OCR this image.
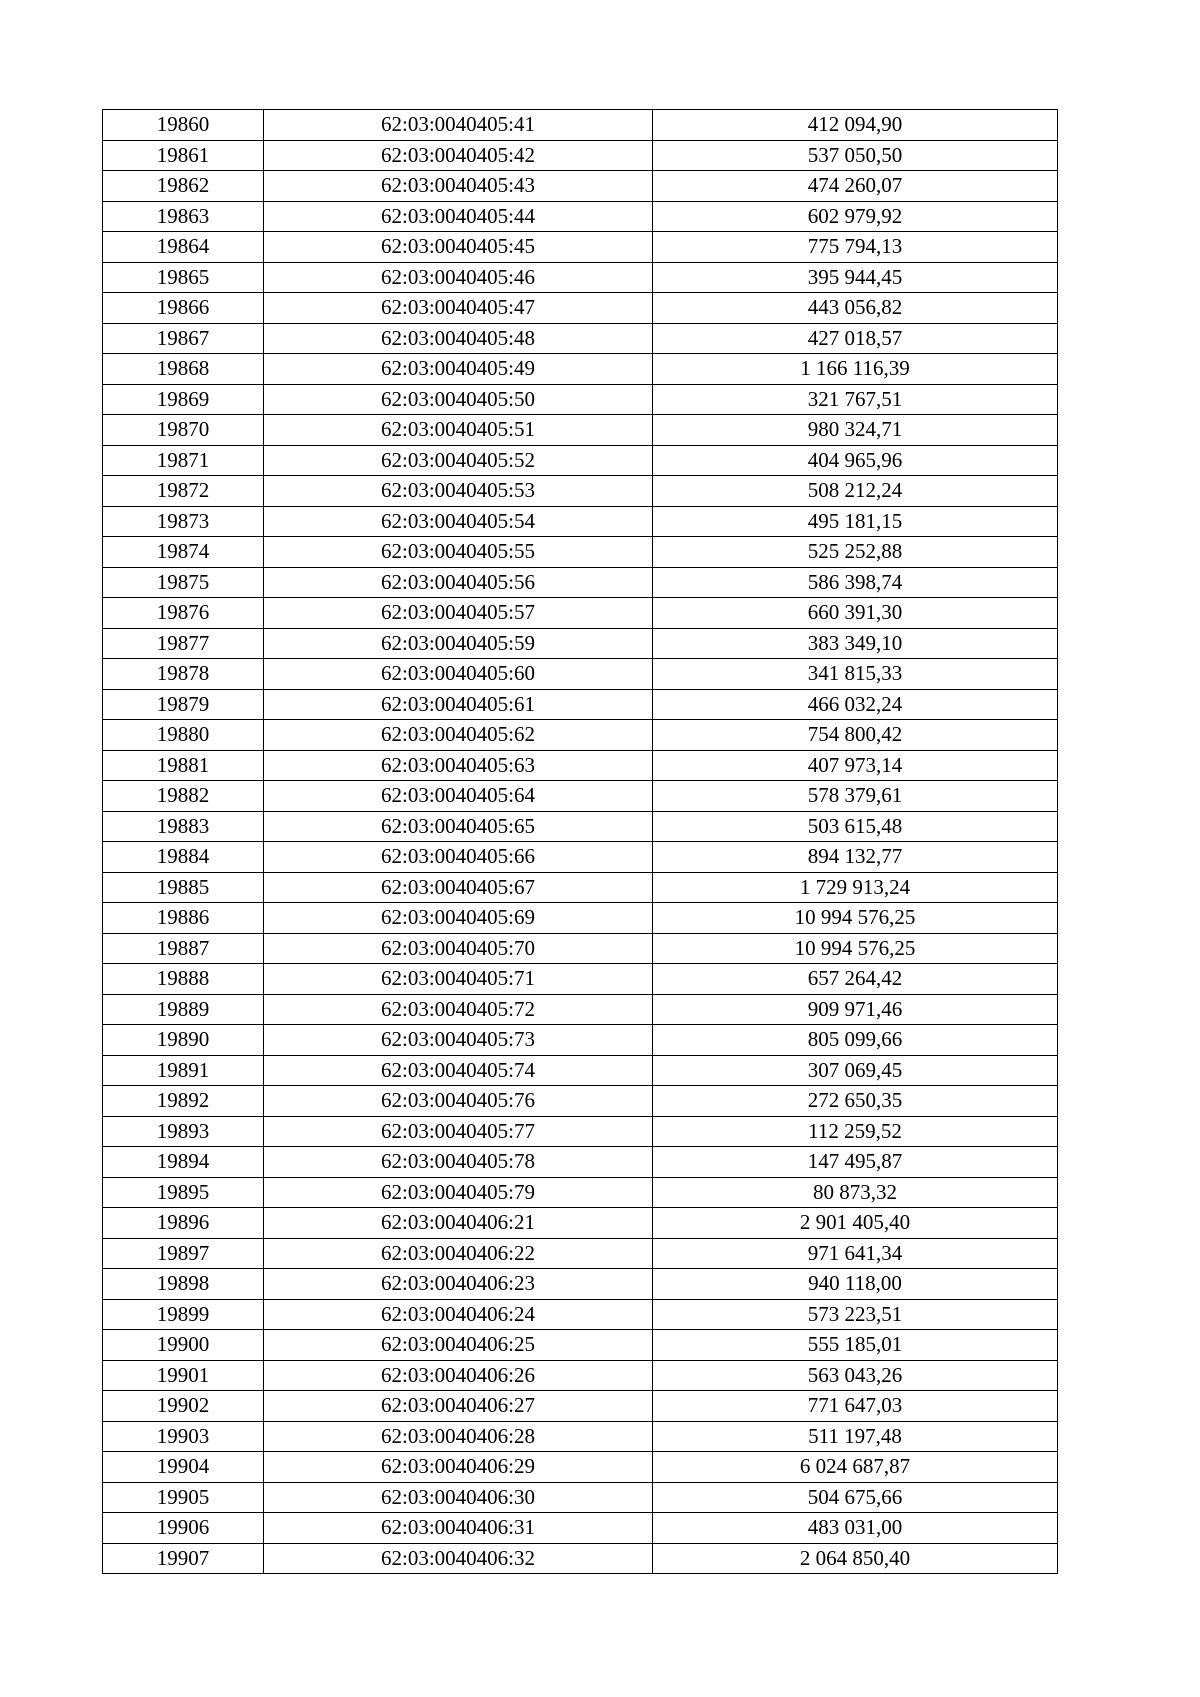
19860	62:03:0040405:41	412 094,90
19861	62:03:0040405:42	537 050,50
19862	62:03:0040405:43	474 260,07
19863	62:03:0040405:44	602 979,92
19864	62:03:0040405:45	775 794,13
19865	62:03:0040405:46	395 944,45
19866	62:03:0040405:47	443 056,82
19867	62:03:0040405:48	427 018,57
19868	62:03:0040405:49	1 166 116,39
19869	62:03:0040405:50	321 767,51
19870	62:03:0040405:51	980 324,71
19871	62:03:0040405:52	404 965,96
19872	62:03:0040405:53	508 212,24
19873	62:03:0040405:54	495 181,15
19874	62:03:0040405:55	525 252,88
19875	62:03:0040405:56	586 398,74
19876	62:03:0040405:57	660 391,30
19877	62:03:0040405:59	383 349,10
19878	62:03:0040405:60	341 815,33
19879	62:03:0040405:61	466 032,24
19880	62:03:0040405:62	754 800,42
19881	62:03:0040405:63	407 973,14
19882	62:03:0040405:64	578 379,61
19883	62:03:0040405:65	503 615,48
19884	62:03:0040405:66	894 132,77
19885	62:03:0040405:67	1 729 913,24
19886	62:03:0040405:69	10 994 576,25
19887	62:03:0040405:70	10 994 576,25
19888	62:03:0040405:71	657 264,42
19889	62:03:0040405:72	909 971,46
19890	62:03:0040405:73	805 099,66
19891	62:03:0040405:74	307 069,45
19892	62:03:0040405:76	272 650,35
19893	62:03:0040405:77	112 259,52
19894	62:03:0040405:78	147 495,87
19895	62:03:0040405:79	80 873,32
19896	62:03:0040406:21	2 901 405,40
19897	62:03:0040406:22	971 641,34
19898	62:03:0040406:23	940 118,00
19899	62:03:0040406:24	573 223,51
19900	62:03:0040406:25	555 185,01
19901	62:03:0040406:26	563 043,26
19902	62:03:0040406:27	771 647,03
19903	62:03:0040406:28	511 197,48
19904	62:03:0040406:29	6 024 687,87
19905	62:03:0040406:30	504 675,66
19906	62:03:0040406:31	483 031,00
19907	62:03:0040406:32	2 064 850,40
